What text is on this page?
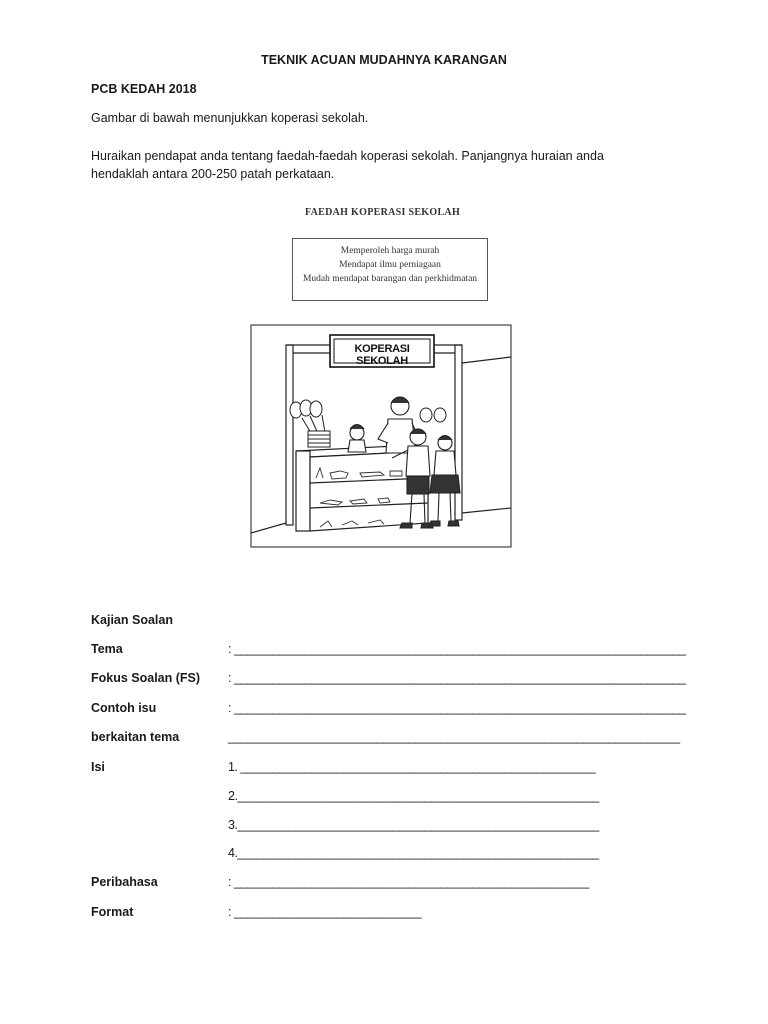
TEKNIK ACUAN MUDAHNYA KARANGAN
PCB KEDAH 2018
Gambar di bawah menunjukkan koperasi sekolah.
Huraikan pendapat anda tentang faedah-faedah koperasi sekolah. Panjangnya huraian anda hendaklah antara 200-250 patah perkataan.
FAEDAH KOPERASI SEKOLAH
Memperoleh harga murah
Mendapat ilmu perniagaan
Mudah mendapat barangan dan perkhidmatan
KOPERASI SEKOLAH
Kajian Soalan
Tema	: ______________________________________________________________________
Fokus Soalan (FS) : ______________________________________________________________________
Contoh isu	: ______________________________________________________________________
berkaitan tema	______________________________________________________________________
Isi	1. _______________________________________________________
2.________________________________________________________
3.________________________________________________________
4.________________________________________________________
Peribahasa	: _______________________________________________________
Format	: _____________________________
